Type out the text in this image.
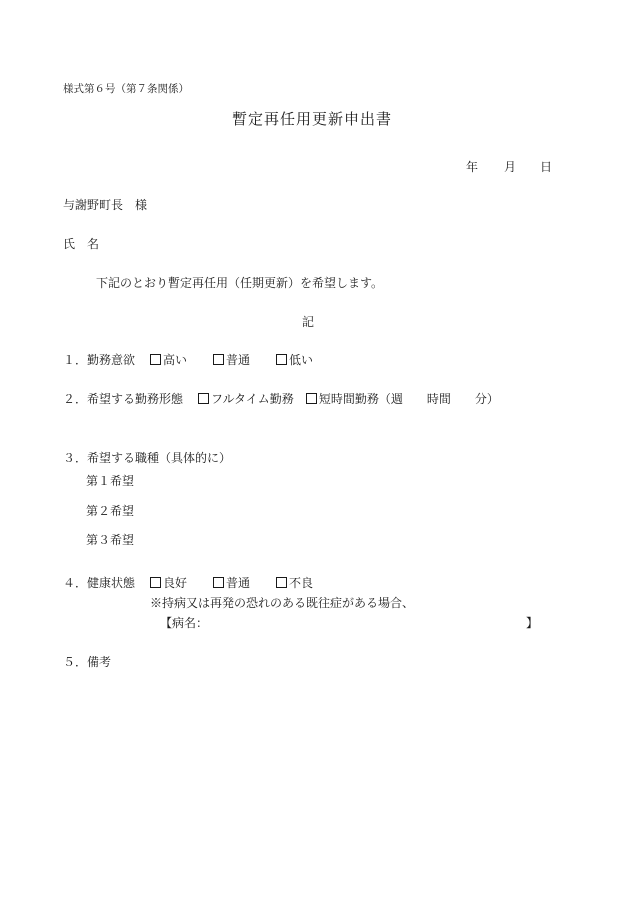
様式第６号（第７条関係）
暫定再任用更新申出書
年 月 日
与謝野町長　様
氏　名
下記のとおり暫定再任用（任期更新）を希望します。
記
１．勤務意欲	高い	普通	低い
２．希望する勤務形態	フルタイム勤務 短時間勤務（週　　時間　　分）
３．希望する職種（具体的に）
第１希望
第２希望
第３希望
４．健康状態	良好	普通	不良
※持病又は再発の恐れのある既往症がある場合、
【病名：	】
５．備考
